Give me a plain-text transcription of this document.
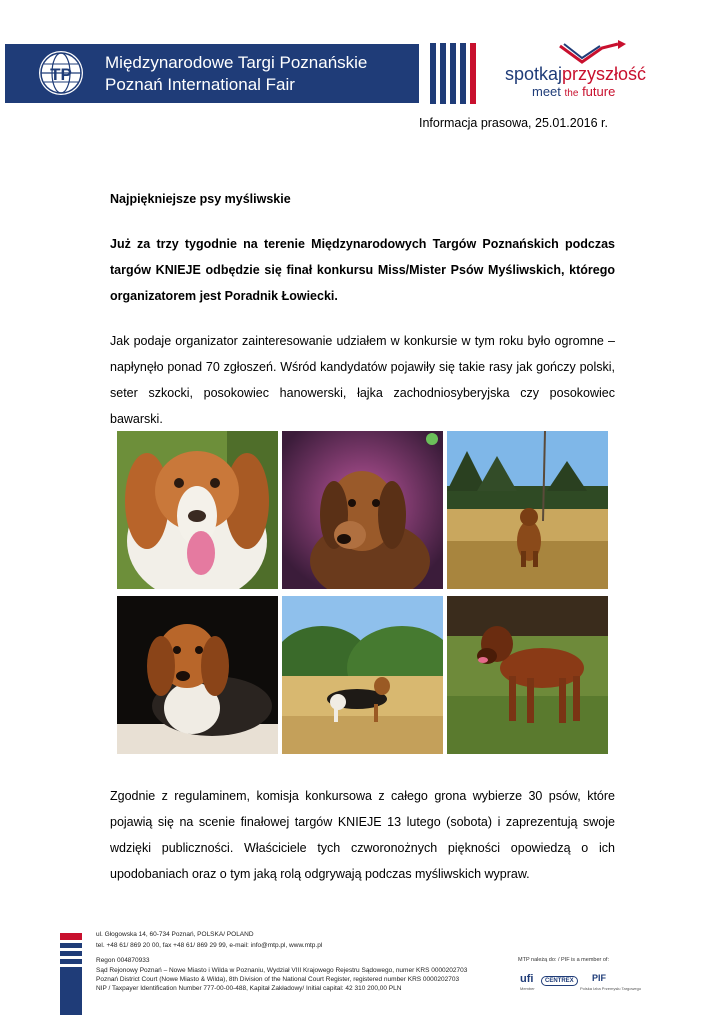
TP
Międzynarodowe Targi Poznańskie
Poznań International Fair
spotkajprzyszłość
meet the future
Informacja prasowa, 25.01.2016 r.
Najpiękniejsze psy myśliwskie
Już za trzy tygodnie na terenie Międzynarodowych Targów Poznańskich podczas targów KNIEJE odbędzie się finał konkursu Miss/Mister Psów Myśliwskich, którego organizatorem jest Poradnik Łowiecki.
Jak podaje organizator zainteresowanie udziałem w konkursie w tym roku było ogromne – napłynęło ponad 70 zgłoszeń. Wśród kandydatów pojawiły się takie rasy jak gończy polski, seter szkocki, posokowiec hanowerski, łajka zachodniosyberyjska czy posokowiec bawarski.
Zgodnie z regulaminem, komisja konkursowa z całego grona wybierze 30 psów, które pojawią się na scenie finałowej targów KNIEJE 13 lutego (sobota) i zaprezentują swoje wdzięki publiczności. Właściciele tych czworonożnych piękności opowiedzą o ich upodobaniach oraz o tym jaką rolą odgrywają podczas myśliwskich wypraw.
ul. Głogowska 14, 60-734 Poznań, POLSKA/ POLAND
tel. +48 61/ 869 20 00, fax +48 61/ 869 29 99, e-mail: info@mtp.pl, www.mtp.pl
Regon 004870933
Sąd Rejonowy Poznań – Nowe Miasto i Wilda w Poznaniu, Wydział VIII Krajowego Rejestru Sądowego, numer KRS 0000202703
Poznań District Court (Nowe Miasto & Wilda), 8th Division of the National Court Register, registered number KRS 0000202703
NIP / Taxpayer Identification Number 777-00-00-488, Kapitał Zakładowy/ Initial capital: 42 310 200,00 PLN
MTP należą do: / PIF is a member of:
ufi
Member
CENTREX	PIF
Polska Izba Przemysłu Targowego
